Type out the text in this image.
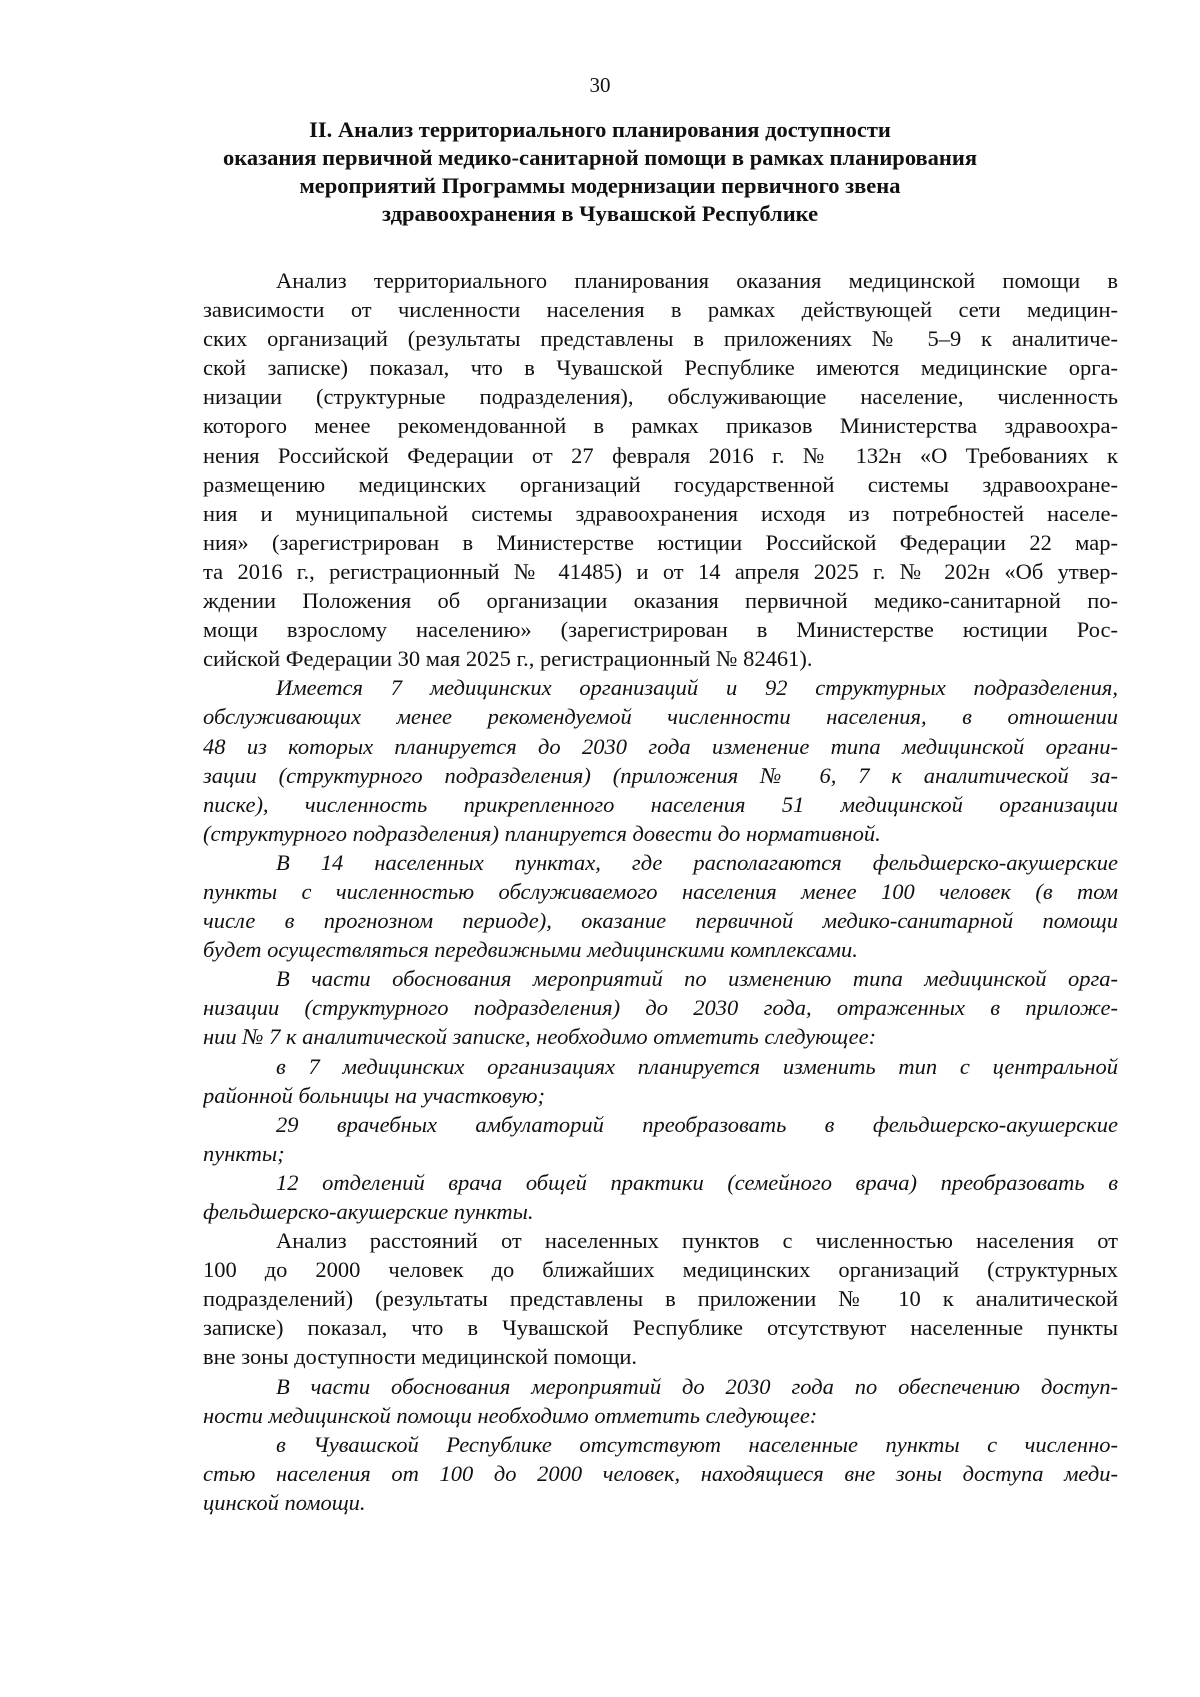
30
II. Анализ территориального планирования доступности
оказания первичной медико-санитарной помощи в рамках планирования
мероприятий Программы модернизации первичного звена
здравоохранения в Чувашской Республике

Анализ территориального планирования оказания медицинской помощи в
зависимости от численности населения в рамках действующей сети медицин-
ских организаций (результаты представлены в приложениях № 5–9 к аналитиче-
ской записке) показал, что в Чувашской Республике имеются медицинские орга-
низации (структурные подразделения), обслуживающие население, численность
которого менее рекомендованной в рамках приказов Министерства здравоохра-
нения Российской Федерации от 27 февраля 2016 г. № 132н «О Требованиях к
размещению медицинских организаций государственной системы здравоохране-
ния и муниципальной системы здравоохранения исходя из потребностей населе-
ния» (зарегистрирован в Министерстве юстиции Российской Федерации 22 мар-
та 2016 г., регистрационный № 41485) и от 14 апреля 2025 г. № 202н «Об утвер-
ждении Положения об организации оказания первичной медико-санитарной по-
мощи взрослому населению» (зарегистрирован в Министерстве юстиции Рос-
сийской Федерации 30 мая 2025 г., регистрационный № 82461).

Имеется 7 медицинских организаций и 92 структурных подразделения,
обслуживающих менее рекомендуемой численности населения, в отношении
48 из которых планируется до 2030 года изменение типа медицинской органи-
зации (структурного подразделения) (приложения № 6, 7 к аналитической за-
писке), численность прикрепленного населения 51 медицинской организации
(структурного подразделения) планируется довести до нормативной.

В 14 населенных пунктах, где располагаются фельдшерско-акушерские
пункты с численностью обслуживаемого населения менее 100 человек (в том
числе в прогнозном периоде), оказание первичной медико-санитарной помощи
будет осуществляться передвижными медицинскими комплексами.

В части обоснования мероприятий по изменению типа медицинской орга-
низации (структурного подразделения) до 2030 года, отраженных в приложе-
нии № 7 к аналитической записке, необходимо отметить следующее:

в 7 медицинских организациях планируется изменить тип с центральной
районной больницы на участковую;

29 врачебных амбулаторий преобразовать в фельдшерско-акушерские
пункты;

12 отделений врача общей практики (семейного врача) преобразовать в
фельдшерско-акушерские пункты.

Анализ расстояний от населенных пунктов с численностью населения от
100 до 2000 человек до ближайших медицинских организаций (структурных
подразделений) (результаты представлены в приложении № 10 к аналитической
записке) показал, что в Чувашской Республике отсутствуют населенные пункты
вне зоны доступности медицинской помощи.

В части обоснования мероприятий до 2030 года по обеспечению доступ-
ности медицинской помощи необходимо отметить следующее:

в Чувашской Республике отсутствуют населенные пункты с численно-
стью населения от 100 до 2000 человек, находящиеся вне зоны доступа меди-
цинской помощи.
